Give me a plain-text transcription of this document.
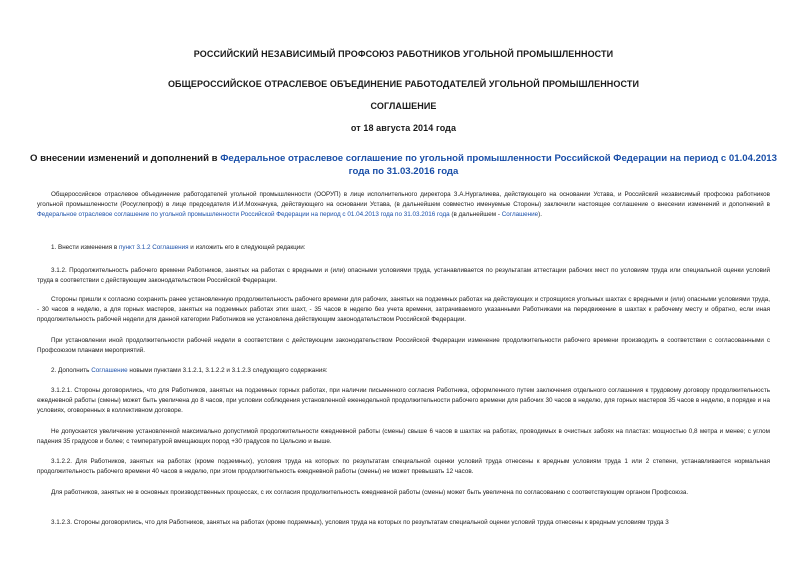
РОССИЙСКИЙ НЕЗАВИСИМЫЙ ПРОФСОЮЗ РАБОТНИКОВ УГОЛЬНОЙ ПРОМЫШЛЕННОСТИ
ОБЩЕРОССИЙСКОЕ ОТРАСЛЕВОЕ ОБЪЕДИНЕНИЕ РАБОТОДАТЕЛЕЙ УГОЛЬНОЙ ПРОМЫШЛЕННОСТИ
СОГЛАШЕНИЕ
от 18 августа 2014 года
О внесении изменений и дополнений в Федеральное отраслевое соглашение по угольной промышленности Российской Федерации на период с 01.04.2013 года по 31.03.2016 года
Общероссийское отраслевое объединение работодателей угольной промышленности (ООРУП) в лице исполнительного директора З.А.Нургалиева, действующего на основании Устава, и Российский независимый профсоюз работников угольной промышленности (Росуглепроф) в лице председателя И.И.Мохначука, действующего на основании Устава, (в дальнейшем совместно именуемые Стороны) заключили настоящее соглашение о внесении изменений и дополнений в Федеральное отраслевое соглашение по угольной промышленности Российской Федерации на период с 01.04.2013 года по 31.03.2016 года (в дальнейшем - Соглашение).
1. Внести изменения в пункт 3.1.2 Соглашения и изложить его в следующей редакции:
3.1.2. Продолжительность рабочего времени Работников, занятых на работах с вредными и (или) опасными условиями труда, устанавливается по результатам аттестации рабочих мест по условиям труда или специальной оценки условий труда в соответствии с действующим законодательством Российской Федерации.
Стороны пришли к согласию сохранить ранее установленную продолжительность рабочего времени для рабочих, занятых на подземных работах на действующих и строящихся угольных шахтах с вредными и (или) опасными условиями труда, - 30 часов в неделю, а для горных мастеров, занятых на подземных работах этих шахт, - 35 часов в неделю без учета времени, затрачиваемого указанными Работниками на передвижение в шахтах к рабочему месту и обратно, если иная продолжительность рабочей недели для данной категории Работников не установлена действующим законодательством Российской Федерации.
При установлении иной продолжительности рабочей недели в соответствии с действующим законодательством Российской Федерации изменение продолжительности рабочего времени производить в соответствии с согласованными с Профсоюзом планами мероприятий.
2. Дополнить Соглашение новыми пунктами 3.1.2.1, 3.1.2.2 и 3.1.2.3 следующего содержания:
3.1.2.1. Стороны договорились, что для Работников, занятых на подземных горных работах, при наличии письменного согласия Работника, оформленного путем заключения отдельного соглашения к трудовому договору продолжительность ежедневной работы (смены) может быть увеличена до 8 часов, при условии соблюдения установленной еженедельной продолжительности рабочего времени для рабочих 30 часов в неделю, для горных мастеров 35 часов в неделю, в порядке и на условиях, оговоренных в коллективном договоре.
Не допускается увеличение установленной максимально допустимой продолжительности ежедневной работы (смены) свыше 6 часов в шахтах на работах, проводимых в очистных забоях на пластах: мощностью 0,8 метра и менее; с углом падения 35 градусов и более; с температурой вмещающих пород +30 градусов по Цельсию и выше.
3.1.2.2. Для Работников, занятых на работах (кроме подземных), условия труда на которых по результатам специальной оценки условий труда отнесены к вредным условиям труда 1 или 2 степени, устанавливается нормальная продолжительность рабочего времени 40 часов в неделю, при этом продолжительность ежедневной работы (смены) не может превышать 12 часов.
Для работников, занятых не в основных производственных процессах, с их согласия продолжительность ежедневной работы (смены) может быть увеличена по согласованию с соответствующим органом Профсоюза.
3.1.2.3. Стороны договорились, что для Работников, занятых на работах (кроме подземных), условия труда на которых по результатам специальной оценки условий труда отнесены к вредным условиям труда 3
